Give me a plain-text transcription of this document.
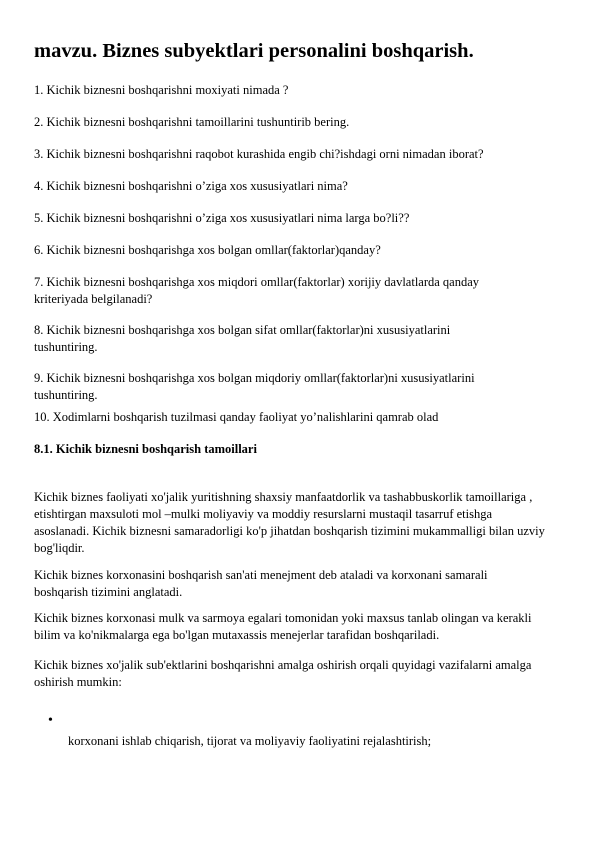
mavzu. Biznes subyektlari personalini boshqarish.

1. Kichik biznesni boshqarishni moxiyati nimada ?

2. Kichik biznesni boshqarishni tamoillarini tushuntirib bering.

3. Kichik biznesni boshqarishni raqobot kurashida engib chi?ishdagi orni nimadan iborat?

4. Kichik biznesni boshqarishni o’ziga xos xususiyatlari nima?

5. Kichik biznesni boshqarishni o’ziga xos xususiyatlari nima larga bo?li??

6. Kichik biznesni boshqarishga xos bolgan omllar(faktorlar)qanday?

7. Kichik biznesni boshqarishga xos miqdori omllar(faktorlar) xorijiy davlatlarda qanday kriteriyada belgilanadi?

8. Kichik biznesni boshqarishga xos bolgan sifat omllar(faktorlar)ni xususiyatlarini tushuntiring.

9. Kichik biznesni boshqarishga xos bolgan miqdoriy omllar(faktorlar)ni xususiyatlarini tushuntiring.

10. Xodimlarni boshqarish tuzilmasi qanday faoliyat yo’nalishlarini qamrab olad

8.1. Kichik biznesni boshqarish tamoillari

Kichik biznes faoliyati xo'jalik yuritishning shaxsiy manfaatdorlik va tashabbuskorlik tamoillariga , etishtirgan maxsuloti mol –mulki moliyaviy va moddiy resurslarni mustaqil tasarruf etishga asoslanadi. Kichik biznesni samaradorligi ko'p jihatdan boshqarish tizimini mukammalligi bilan uzviy bog'liqdir.

Kichik biznes korxonasini boshqarish san'ati menejment deb ataladi va korxonani samarali boshqarish tizimini anglatadi.

Kichik biznes korxonasi mulk va sarmoya egalari tomonidan yoki maxsus tanlab olingan va kerakli bilim va ko'nikmalarga ega bo'lgan mutaxassis menejerlar tarafidan boshqariladi.

Kichik biznes xo'jalik sub'ektlarini boshqarishni amalga oshirish orqali quyidagi vazifalarni amalga oshirish mumkin:

•

korxonani ishlab chiqarish, tijorat va moliyaviy faoliyatini rejalashtirish;
